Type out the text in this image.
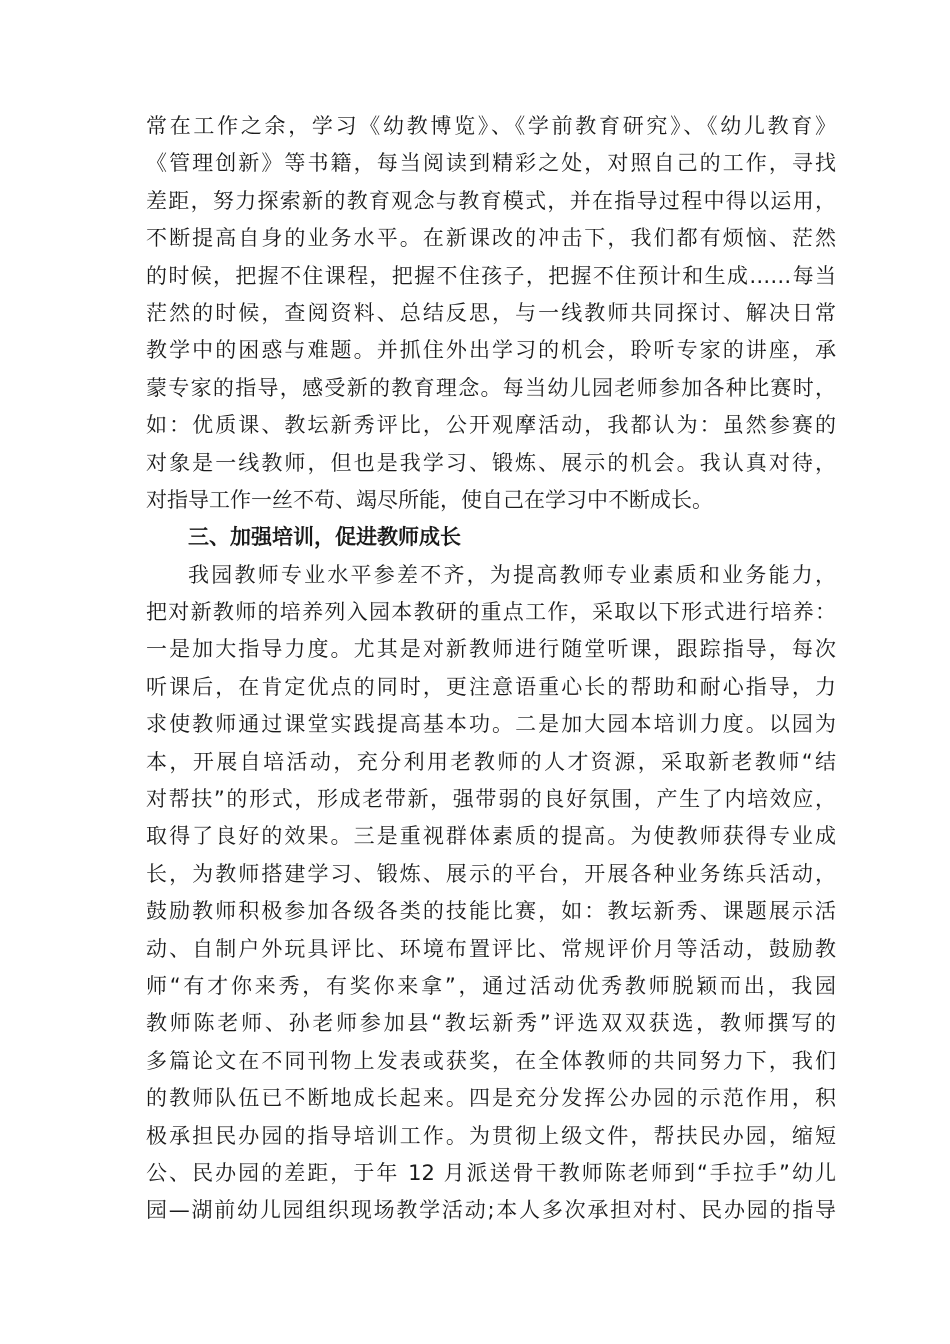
常在工作之余，学习《幼教博览》、《学前教育研究》、《幼儿教育》
《管理创新》等书籍，每当阅读到精彩之处，对照自己的工作，寻找
差距，努力探索新的教育观念与教育模式，并在指导过程中得以运用，
不断提高自身的业务水平。在新课改的冲击下，我们都有烦恼、茫然
的时候，把握不住课程，把握不住孩子，把握不住预计和生成……每当
茫然的时候，查阅资料、总结反思，与一线教师共同探讨、解决日常
教学中的困惑与难题。并抓住外出学习的机会，聆听专家的讲座，承
蒙专家的指导，感受新的教育理念。每当幼儿园老师参加各种比赛时，
如：优质课、教坛新秀评比，公开观摩活动，我都认为：虽然参赛的
对象是一线教师，但也是我学习、锻炼、展示的机会。我认真对待，
对指导工作一丝不苟、竭尽所能，使自己在学习中不断成长。
三、加强培训，促进教师成长
我园教师专业水平参差不齐，为提高教师专业素质和业务能力，
把对新教师的培养列入园本教研的重点工作，采取以下形式进行培养：
一是加大指导力度。尤其是对新教师进行随堂听课，跟踪指导，每次
听课后，在肯定优点的同时，更注意语重心长的帮助和耐心指导，力
求使教师通过课堂实践提高基本功。二是加大园本培训力度。以园为
本，开展自培活动，充分利用老教师的人才资源，采取新老教师“结
对帮扶”的形式，形成老带新，强带弱的良好氛围，产生了内培效应，
取得了良好的效果。三是重视群体素质的提高。为使教师获得专业成
长，为教师搭建学习、锻炼、展示的平台，开展各种业务练兵活动，
鼓励教师积极参加各级各类的技能比赛，如：教坛新秀、课题展示活
动、自制户外玩具评比、环境布置评比、常规评价月等活动，鼓励教
师“有才你来秀，有奖你来拿”，通过活动优秀教师脱颖而出，我园
教师陈老师、孙老师参加县“教坛新秀”评选双双获选，教师撰写的
多篇论文在不同刊物上发表或获奖，在全体教师的共同努力下，我们
的教师队伍已不断地成长起来。四是充分发挥公办园的示范作用，积
极承担民办园的指导培训工作。为贯彻上级文件，帮扶民办园，缩短
公、民办园的差距，于年 12 月派送骨干教师陈老师到“手拉手”幼儿
园—湖前幼儿园组织现场教学活动;本人多次承担对村、民办园的指导
